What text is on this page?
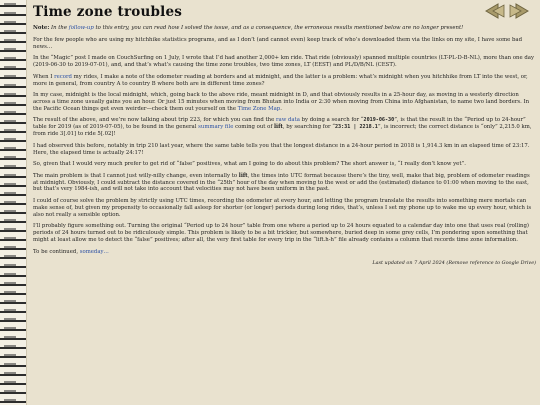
Time zone troubles

Note: In the follow-up to this entry, you can read how I solved the issue, and as a consequence, the erroneous results mentioned below are no longer present!

For the few people who are using my hitchhike statistics programs, and as I don’t (and cannot even) keep track of who’s downloaded them via the links on my site, I have some bad news…

In the “Magic” post I made on CouchSurfing on 1 July, I wrote that I’d had another 2,000+ km ride. That ride (obviously) spanned multiple countries (LT-PL-D-B-NL), more than one day (2019-06-30 to 2019-07-01), and, and that’s what’s causing the time zone troubles, two time zones, LT (EEST) and PL/D/B/NL (CEST).

When I record my rides, I make a note of the odometer reading at borders and at midnight, and the latter is a problem: what’s midnight when you hitchhike from LT into the west, or, more in general, from country A to country B where both are in different time zones?

In my case, midnight is the local midnight, which, going back to the above ride, meant midnight in D, and that obviously results in a 25-hour day, as moving in a westerly direction across a time zone usually gains you an hour. Or just 15 minutes when moving from Bhutan into India or 2:30 when moving from China into Afghanistan, to name two land borders. In the Pacific Ocean things get even weirder—check them out yourself on the Time Zone Map.

The result of the above, and we’re now talking about trip 223, for which you can find the raw data by doing a search for “2019-06-30”, is that the result in the “Period up to 24-hour” table for 2019 (as of 2019-07-05), to be found in the general summary file coming out of lift, by searching for “23:31 | 2218.1”, is incorrect; the correct distance is “only” 2,215.0 km, from ride 3[.01] to ride 5[.02]!

I had observed this before, notably in trip 210 last year, where the same table tells you that the longest distance in a 24-hour period in 2018 is 1,914.3 km in an elapsed time of 23:17. Here, the elapsed time is actually 24:17!

So, given that I would very much prefer to get rid of “false” positives, what am I going to do about this problem? The short answer is, “I really don’t know yet”.

The main problem is that I cannot just willy-nilly change, even internally to lift, the times into UTC format because there’s the tiny, well, make that big, problem of odometer readings at midnight. Obviously, I could subtract the distance covered in the “25th” hour of the day when moving to the west or add the (estimated) distance to 01:00 when moving to the east, but that’s very 1984-ish, and will not take into account that velocities may not have been uniform in the past.

I could of course solve the problem by strictly using UTC times, recording the odometer at every hour, and letting the program translate the results into something mere mortals can make sense of, but given my propensity to occasionally fall asleep for shorter (or longer) periods during long rides, that’s, unless I set my phone up to wake me up every hour, which is also not really a sensible option.

I’ll probably figure something out. Turning the original “Period up to 24 hour” table from one where a period up to 24 hours equated to a calendar day into one that uses real (rolling) periods of 24 hours turned out to be ridiculously simple. This problem is likely to be a bit trickier, but somewhere, buried deep in some grey cells, I’m pondering upon something that might at least allow me to detect the “false” positives; after all, the very first table for every trip in the “lift.h-h” file already contains a column that records time zone information.

To be continued, someday…

Last updated on 7 April 2024 (Remove reference to Google Drive)
